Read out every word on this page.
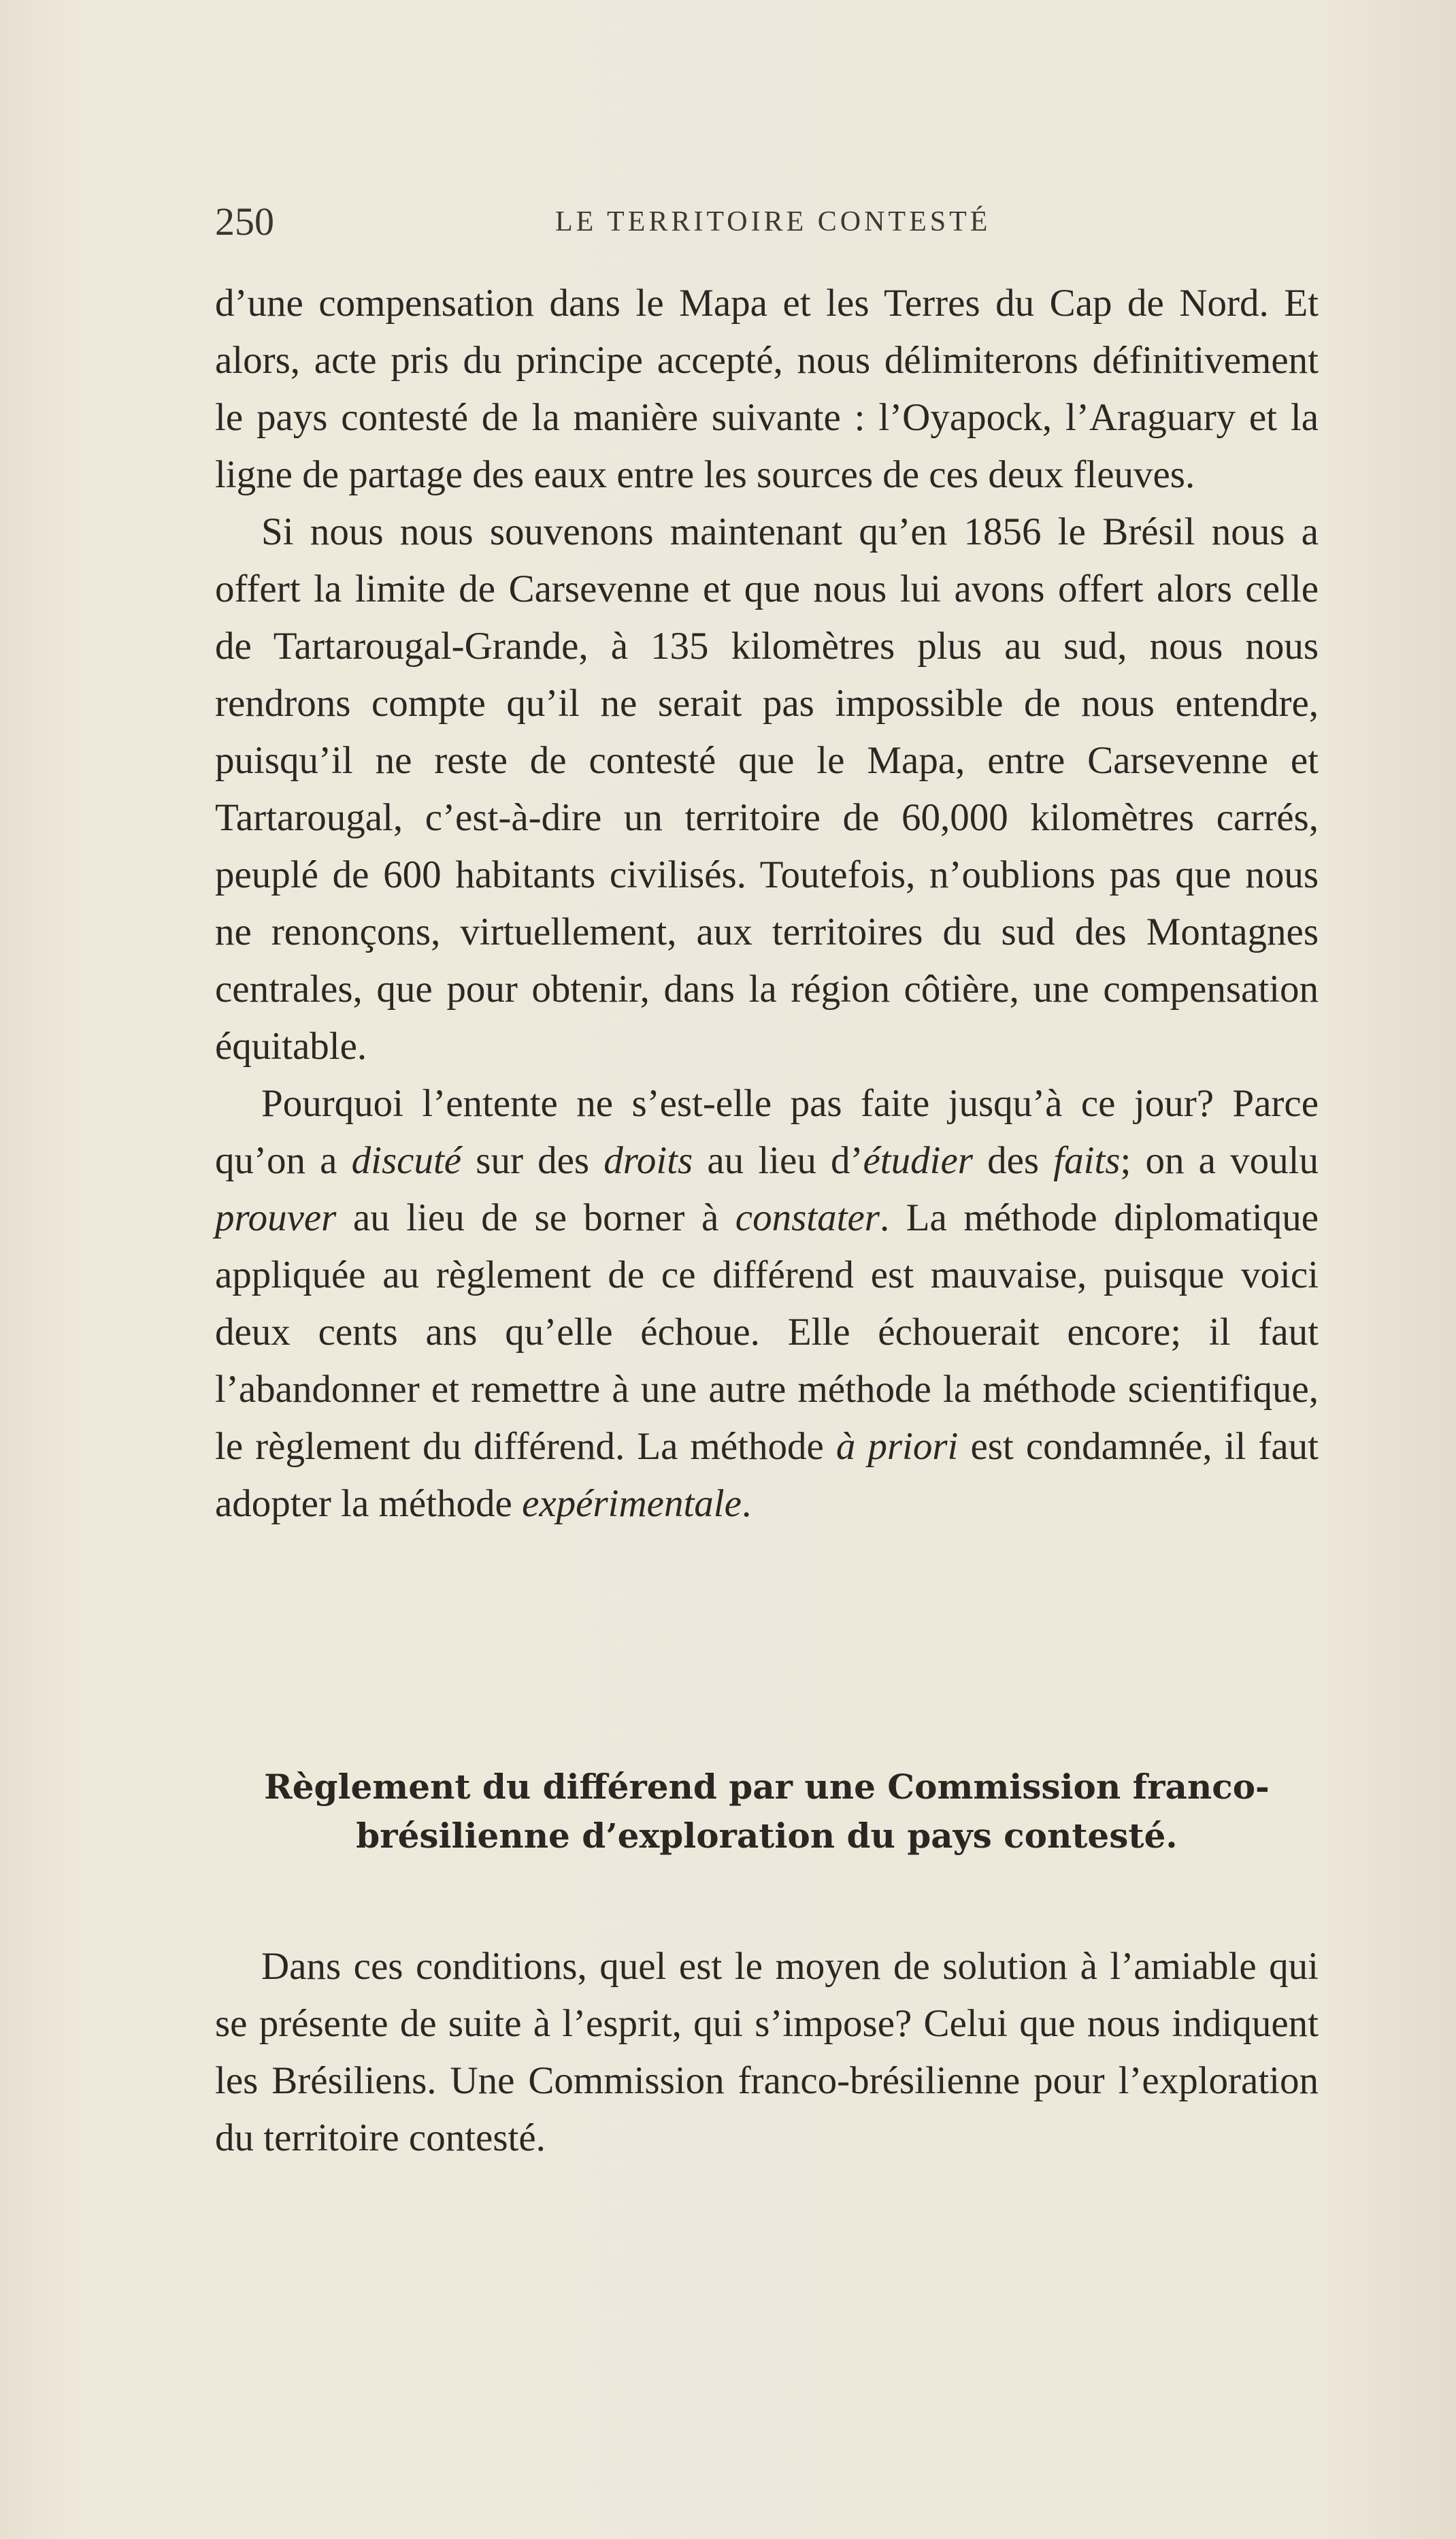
250	LE TERRITOIRE CONTESTÉ

d’une compensation dans le Mapa et les Terres du Cap de Nord. Et alors, acte pris du principe accepté, nous délimiterons définitivement le pays contesté de la manière suivante : l’Oyapock, l’Araguary et la ligne de partage des eaux entre les sources de ces deux fleuves.

Si nous nous souvenons maintenant qu’en 1856 le Brésil nous a offert la limite de Carsevenne et que nous lui avons offert alors celle de Tartarougal-Grande, à 135 kilomètres plus au sud, nous nous rendrons compte qu’il ne serait pas impossible de nous entendre, puisqu’il ne reste de contesté que le Mapa, entre Carsevenne et Tartarougal, c’est-à-dire un territoire de 60,000 kilomètres carrés, peuplé de 600 habitants civilisés. Toutefois, n’oublions pas que nous ne renonçons, virtuellement, aux territoires du sud des Montagnes centrales, que pour obtenir, dans la région côtière, une compensation équitable.

Pourquoi l’entente ne s’est-elle pas faite jusqu’à ce jour? Parce qu’on a discuté sur des droits au lieu d’étudier des faits; on a voulu prouver au lieu de se borner à constater. La méthode diplomatique appliquée au règlement de ce différend est mauvaise, puisque voici deux cents ans qu’elle échoue. Elle échouerait encore; il faut l’abandonner et remettre à une autre méthode la méthode scientifique, le règlement du différend. La méthode à priori est condamnée, il faut adopter la méthode expérimentale.

Règlement du différend par une Commission franco-
brésilienne d’exploration du pays contesté.

Dans ces conditions, quel est le moyen de solution à l’amiable qui se présente de suite à l’esprit, qui s’impose? Celui que nous indiquent les Brésiliens. Une Commission franco-brésilienne pour l’exploration du territoire contesté.
